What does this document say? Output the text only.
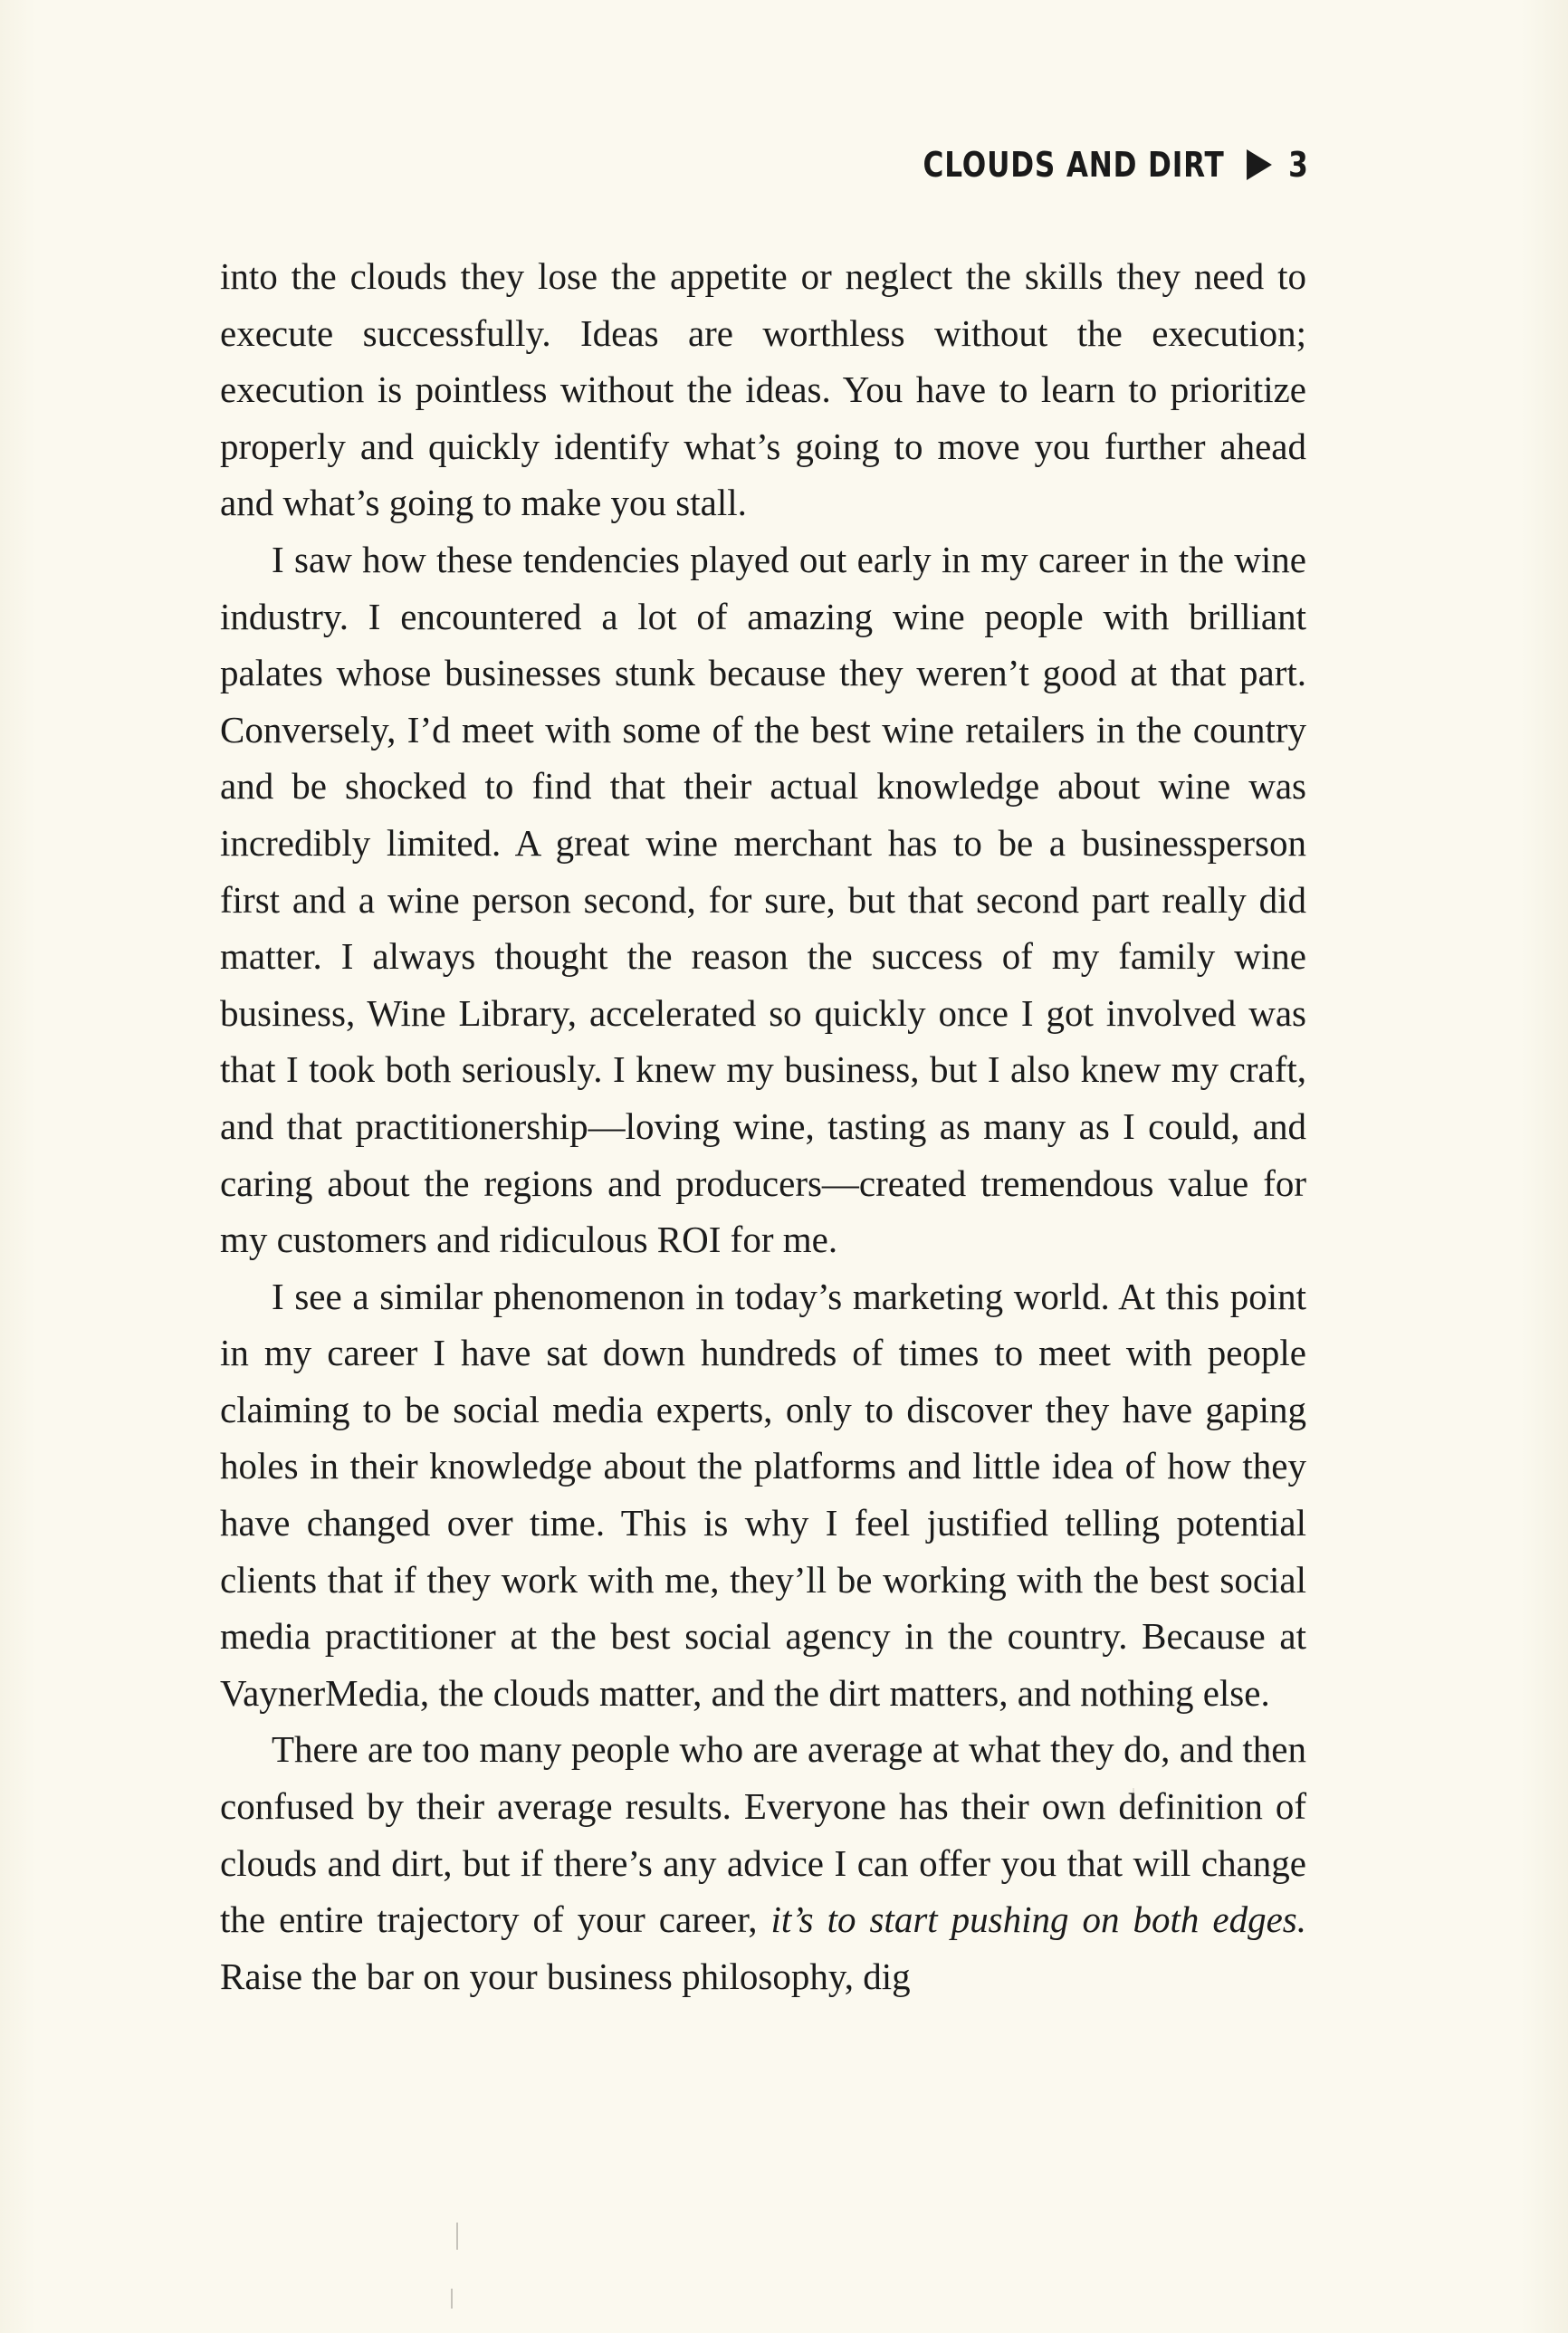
CLOUDS AND DIRT 3

into the clouds they lose the appetite or neglect the skills they need to execute successfully. Ideas are worthless without the execution; execution is pointless without the ideas. You have to learn to prioritize properly and quickly identify what’s going to move you further ahead and what’s going to make you stall.

I saw how these tendencies played out early in my career in the wine industry. I encountered a lot of amazing wine people with brilliant palates whose businesses stunk because they weren’t good at that part. Conversely, I’d meet with some of the best wine retailers in the country and be shocked to find that their actual knowledge about wine was incredibly limited. A great wine merchant has to be a businessperson first and a wine person second, for sure, but that second part really did matter. I always thought the reason the success of my family wine business, Wine Library, accelerated so quickly once I got involved was that I took both seriously. I knew my business, but I also knew my craft, and that practitionership—loving wine, tasting as many as I could, and caring about the regions and producers—created tremendous value for my customers and ridiculous ROI for me.

I see a similar phenomenon in today’s marketing world. At this point in my career I have sat down hundreds of times to meet with people claiming to be social media experts, only to discover they have gaping holes in their knowledge about the platforms and little idea of how they have changed over time. This is why I feel justified telling potential clients that if they work with me, they’ll be working with the best social media practitioner at the best social agency in the country. Because at VaynerMedia, the clouds matter, and the dirt matters, and nothing else.

There are too many people who are average at what they do, and then confused by their average results. Everyone has their own definition of clouds and dirt, but if there’s any advice I can offer you that will change the entire trajectory of your career, it’s to start pushing on both edges. Raise the bar on your business philosophy, dig
